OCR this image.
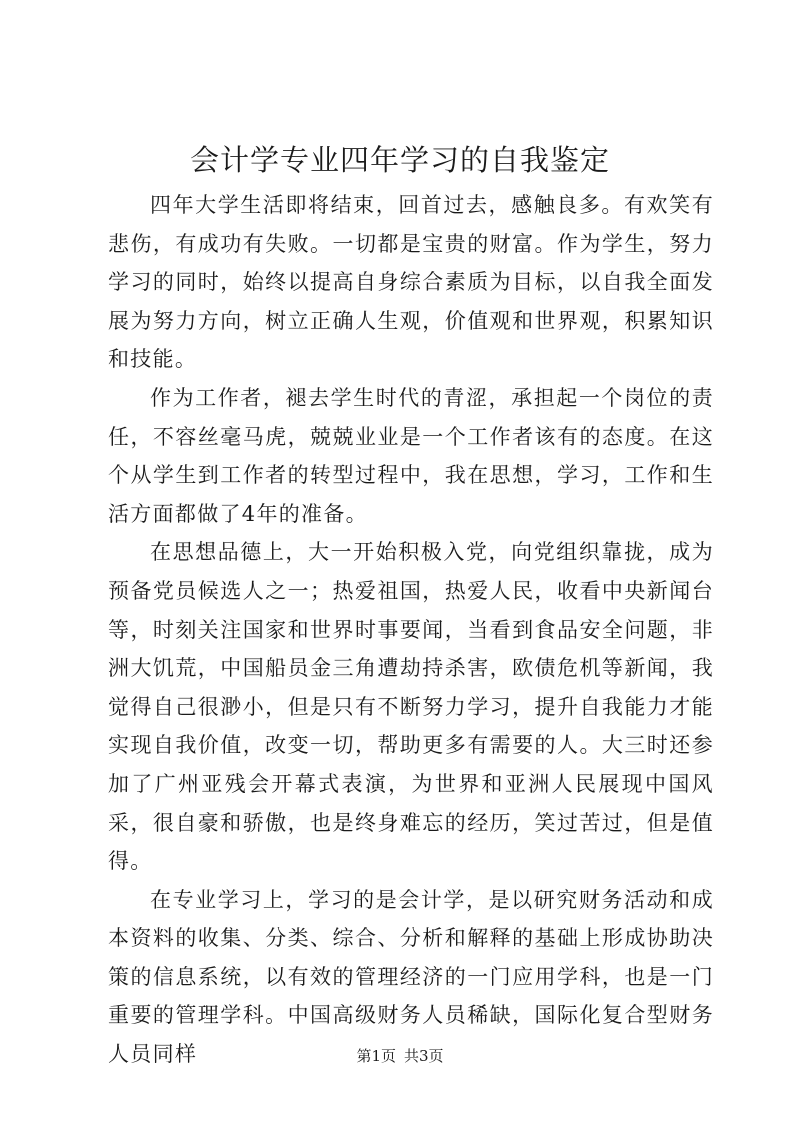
会计学专业四年学习的自我鉴定

四年大学生活即将结束，回首过去，感触良多。有欢笑有悲伤，有成功有失败。一切都是宝贵的财富。作为学生，努力学习的同时，始终以提高自身综合素质为目标，以自我全面发展为努力方向，树立正确人生观，价值观和世界观，积累知识和技能。

作为工作者，褪去学生时代的青涩，承担起一个岗位的责任，不容丝毫马虎，兢兢业业是一个工作者该有的态度。在这个从学生到工作者的转型过程中，我在思想，学习，工作和生活方面都做了4年的准备。

在思想品德上，大一开始积极入党，向党组织靠拢，成为预备党员候选人之一；热爱祖国，热爱人民，收看中央新闻台等，时刻关注国家和世界时事要闻，当看到食品安全问题，非洲大饥荒，中国船员金三角遭劫持杀害，欧债危机等新闻，我觉得自己很渺小，但是只有不断努力学习，提升自我能力才能实现自我价值，改变一切，帮助更多有需要的人。大三时还参加了广州亚残会开幕式表演，为世界和亚洲人民展现中国风采，很自豪和骄傲，也是终身难忘的经历，笑过苦过，但是值得。

在专业学习上，学习的是会计学，是以研究财务活动和成本资料的收集、分类、综合、分析和解释的基础上形成协助决策的信息系统，以有效的管理经济的一门应用学科，也是一门重要的管理学科。中国高级财务人员稀缺，国际化复合型财务人员同样	第1页 共3页
